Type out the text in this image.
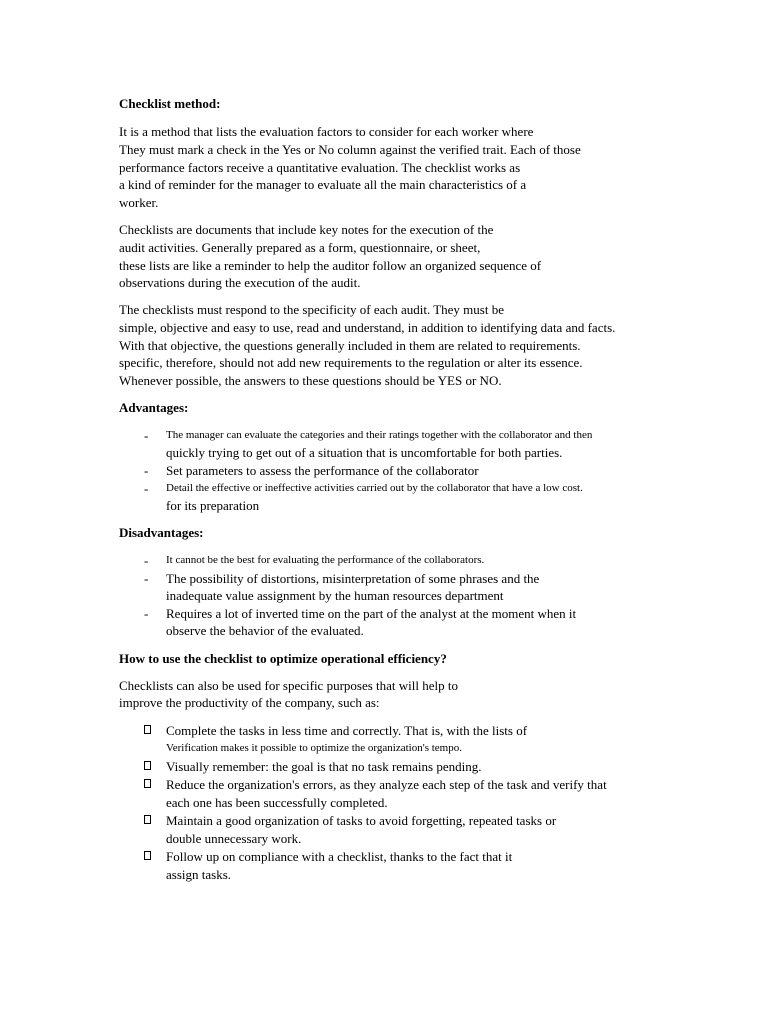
Checklist method:
It is a method that lists the evaluation factors to consider for each worker where
They must mark a check in the Yes or No column against the verified trait. Each of those
performance factors receive a quantitative evaluation. The checklist works as
a kind of reminder for the manager to evaluate all the main characteristics of a
worker.
Checklists are documents that include key notes for the execution of the
audit activities. Generally prepared as a form, questionnaire, or sheet,
these lists are like a reminder to help the auditor follow an organized sequence of
observations during the execution of the audit.
The checklists must respond to the specificity of each audit. They must be
simple, objective and easy to use, read and understand, in addition to identifying data and facts.
With that objective, the questions generally included in them are related to requirements.
specific, therefore, should not add new requirements to the regulation or alter its essence.
Whenever possible, the answers to these questions should be YES or NO.
Advantages:
- The manager can evaluate the categories and their ratings together with the collaborator and then
quickly trying to get out of a situation that is uncomfortable for both parties.
- Set parameters to assess the performance of the collaborator
- Detail the effective or ineffective activities carried out by the collaborator that have a low cost.
for its preparation
Disadvantages:
- It cannot be the best for evaluating the performance of the collaborators.
- The possibility of distortions, misinterpretation of some phrases and the
inadequate value assignment by the human resources department
- Requires a lot of inverted time on the part of the analyst at the moment when it
observe the behavior of the evaluated.
How to use the checklist to optimize operational efficiency?
Checklists can also be used for specific purposes that will help to
improve the productivity of the company, such as:
Complete the tasks in less time and correctly. That is, with the lists of
Verification makes it possible to optimize the organization's tempo.
Visually remember: the goal is that no task remains pending.
Reduce the organization's errors, as they analyze each step of the task and verify that
each one has been successfully completed.
Maintain a good organization of tasks to avoid forgetting, repeated tasks or
double unnecessary work.
Follow up on compliance with a checklist, thanks to the fact that it
assign tasks.
